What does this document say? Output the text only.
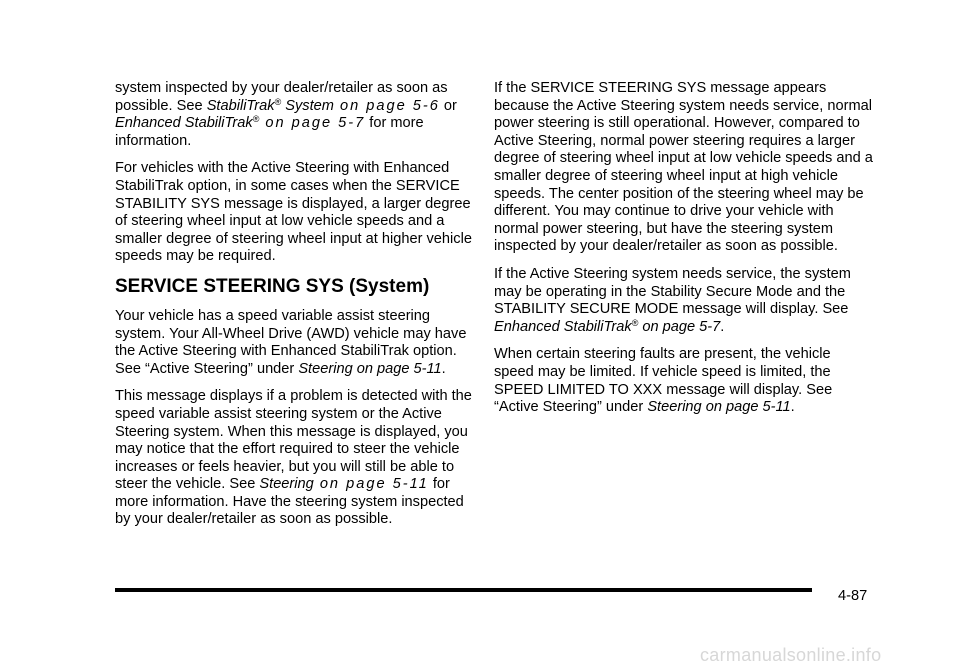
system inspected by your dealer/retailer as soon as possible. See StabiliTrak® System on page 5-6 or Enhanced StabiliTrak® on page 5-7 for more information.

For vehicles with the Active Steering with Enhanced StabiliTrak option, in some cases when the SERVICE STABILITY SYS message is displayed, a larger degree of steering wheel input at low vehicle speeds and a smaller degree of steering wheel input at higher vehicle speeds may be required.

SERVICE STEERING SYS (System)

Your vehicle has a speed variable assist steering system. Your All-Wheel Drive (AWD) vehicle may have the Active Steering with Enhanced StabiliTrak option. See “Active Steering” under Steering on page 5-11.

This message displays if a problem is detected with the speed variable assist steering system or the Active Steering system. When this message is displayed, you may notice that the effort required to steer the vehicle increases or feels heavier, but you will still be able to steer the vehicle. See Steering on page 5-11 for more information. Have the steering system inspected by your dealer/retailer as soon as possible.

If the SERVICE STEERING SYS message appears because the Active Steering system needs service, normal power steering is still operational. However, compared to Active Steering, normal power steering requires a larger degree of steering wheel input at low vehicle speeds and a smaller degree of steering wheel input at high vehicle speeds. The center position of the steering wheel may be different. You may continue to drive your vehicle with normal power steering, but have the steering system inspected by your dealer/retailer as soon as possible.

If the Active Steering system needs service, the system may be operating in the Stability Secure Mode and the STABILITY SECURE MODE message will display. See Enhanced StabiliTrak® on page 5-7.

When certain steering faults are present, the vehicle speed may be limited. If vehicle speed is limited, the SPEED LIMITED TO XXX message will display. See “Active Steering” under Steering on page 5-11.

4-87
carmanualsonline.info
